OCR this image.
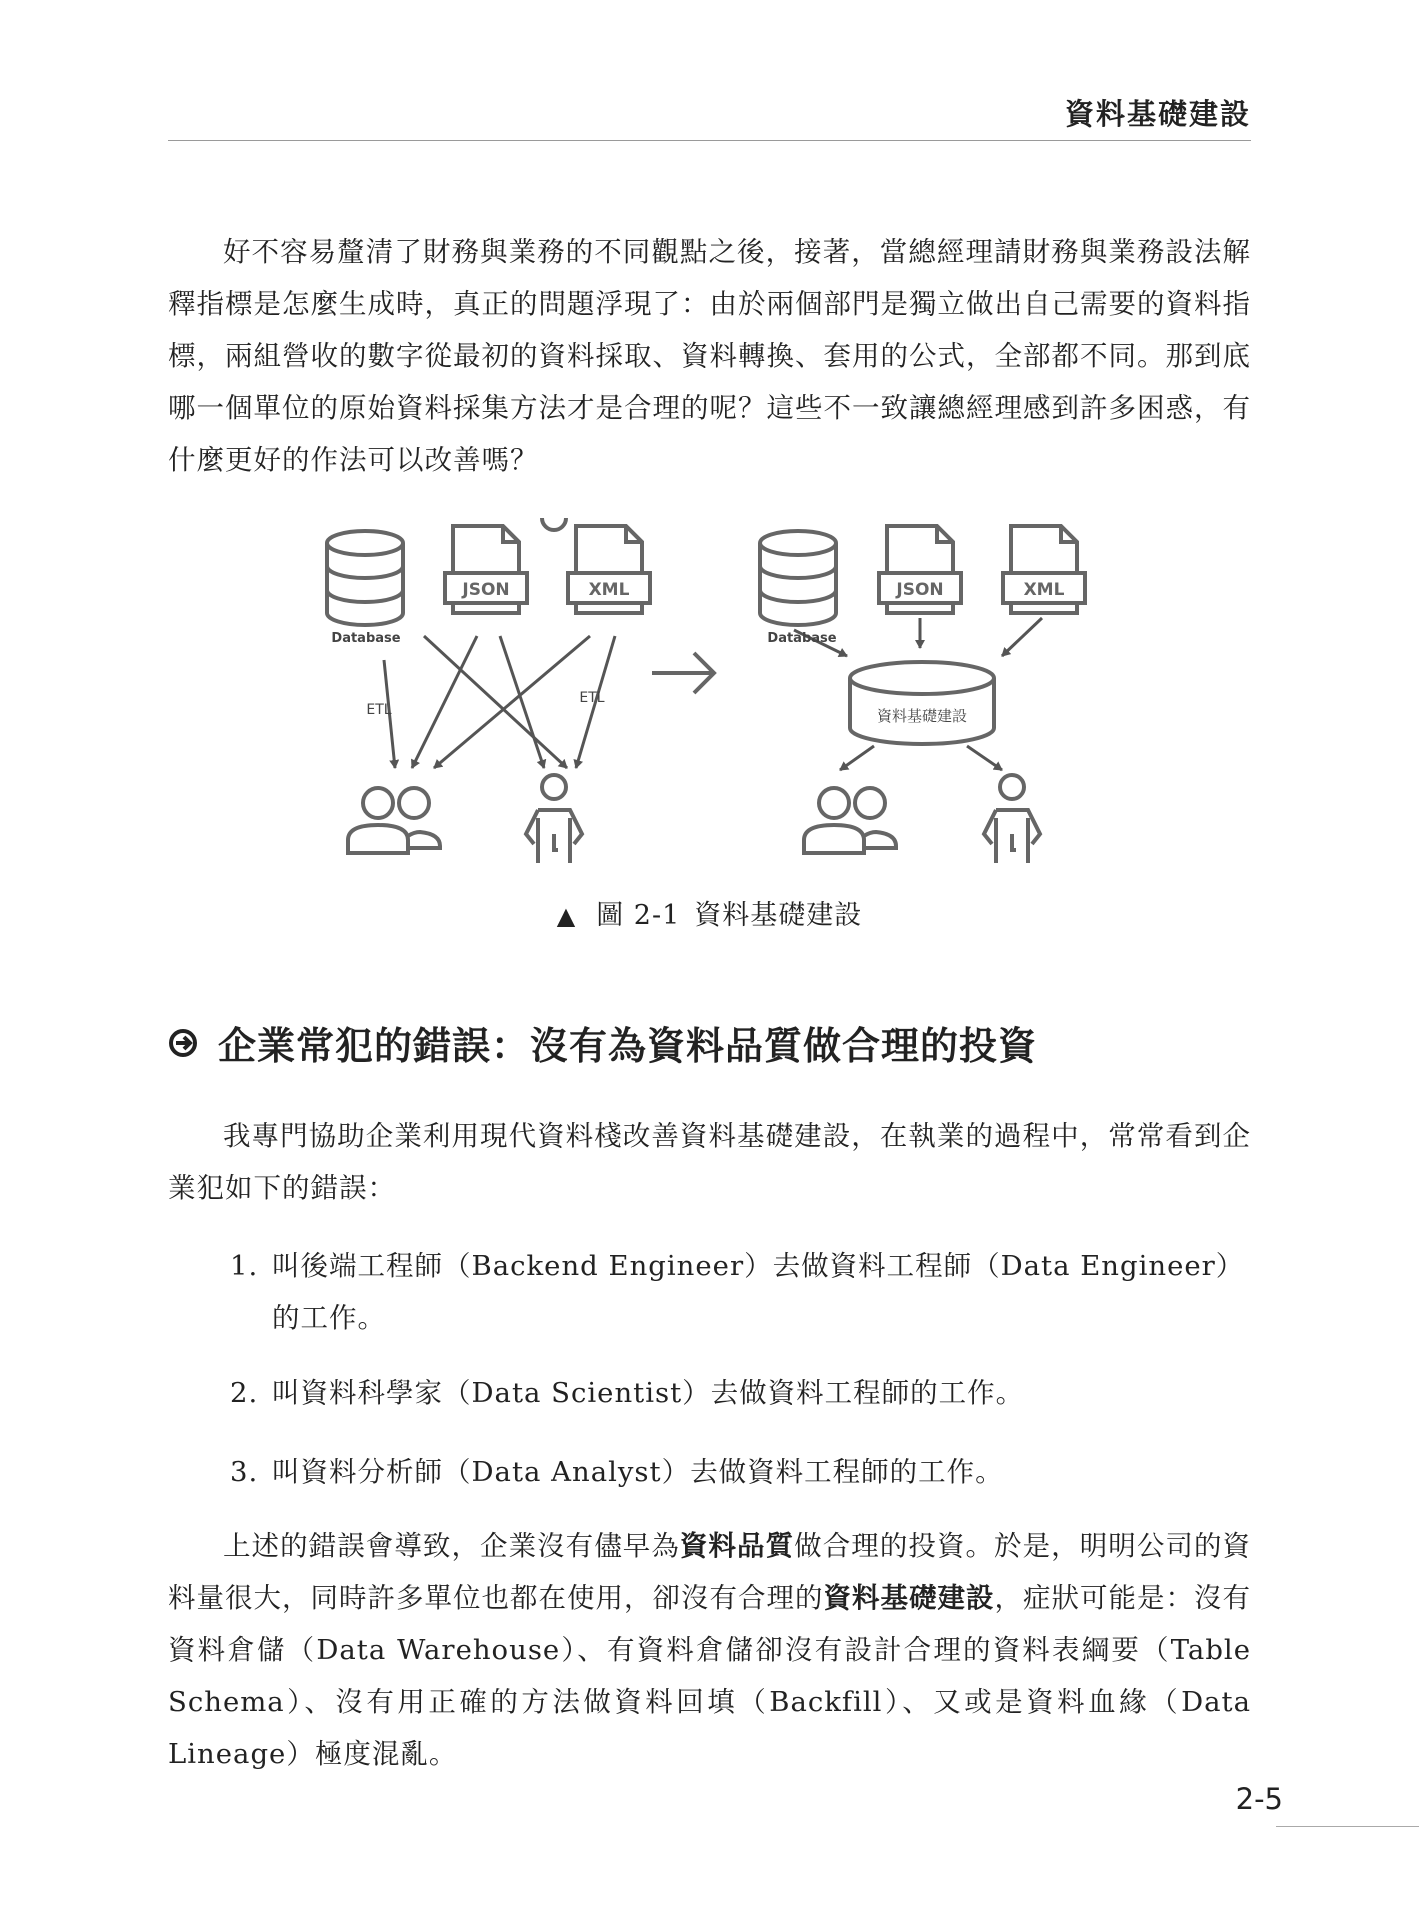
資料基礎建設

好不容易釐清了財務與業務的不同觀點之後，接著，當總經理請財務與業務設法解釋指標是怎麼生成時，真正的問題浮現了：由於兩個部門是獨立做出自己需要的資料指標，兩組營收的數字從最初的資料採取、資料轉換、套用的公式，全部都不同。那到底哪一個單位的原始資料採集方法才是合理的呢？這些不一致讓總經理感到許多困惑，有什麼更好的作法可以改善嗎？

JSON	XML
Database
ETL
ETL
JSON	XML
Database
資料基礎建設
▲ 圖 2-1 資料基礎建設
企業常犯的錯誤：沒有為資料品質做合理的投資

我專門協助企業利用現代資料棧改善資料基礎建設，在執業的過程中，常常看到企業犯如下的錯誤：

1. 叫後端工程師（Backend Engineer）去做資料工程師（Data Engineer）的工作。
2. 叫資料科學家（Data Scientist）去做資料工程師的工作。
3. 叫資料分析師（Data Analyst）去做資料工程師的工作。

上述的錯誤會導致，企業沒有儘早為資料品質做合理的投資。於是，明明公司的資料量很大，同時許多單位也都在使用，卻沒有合理的資料基礎建設，症狀可能是：沒有資料倉儲（Data Warehouse）、有資料倉儲卻沒有設計合理的資料表綱要（Table Schema）、沒有用正確的方法做資料回填（Backfill）、又或是資料血緣（Data Lineage）極度混亂。

2-5
